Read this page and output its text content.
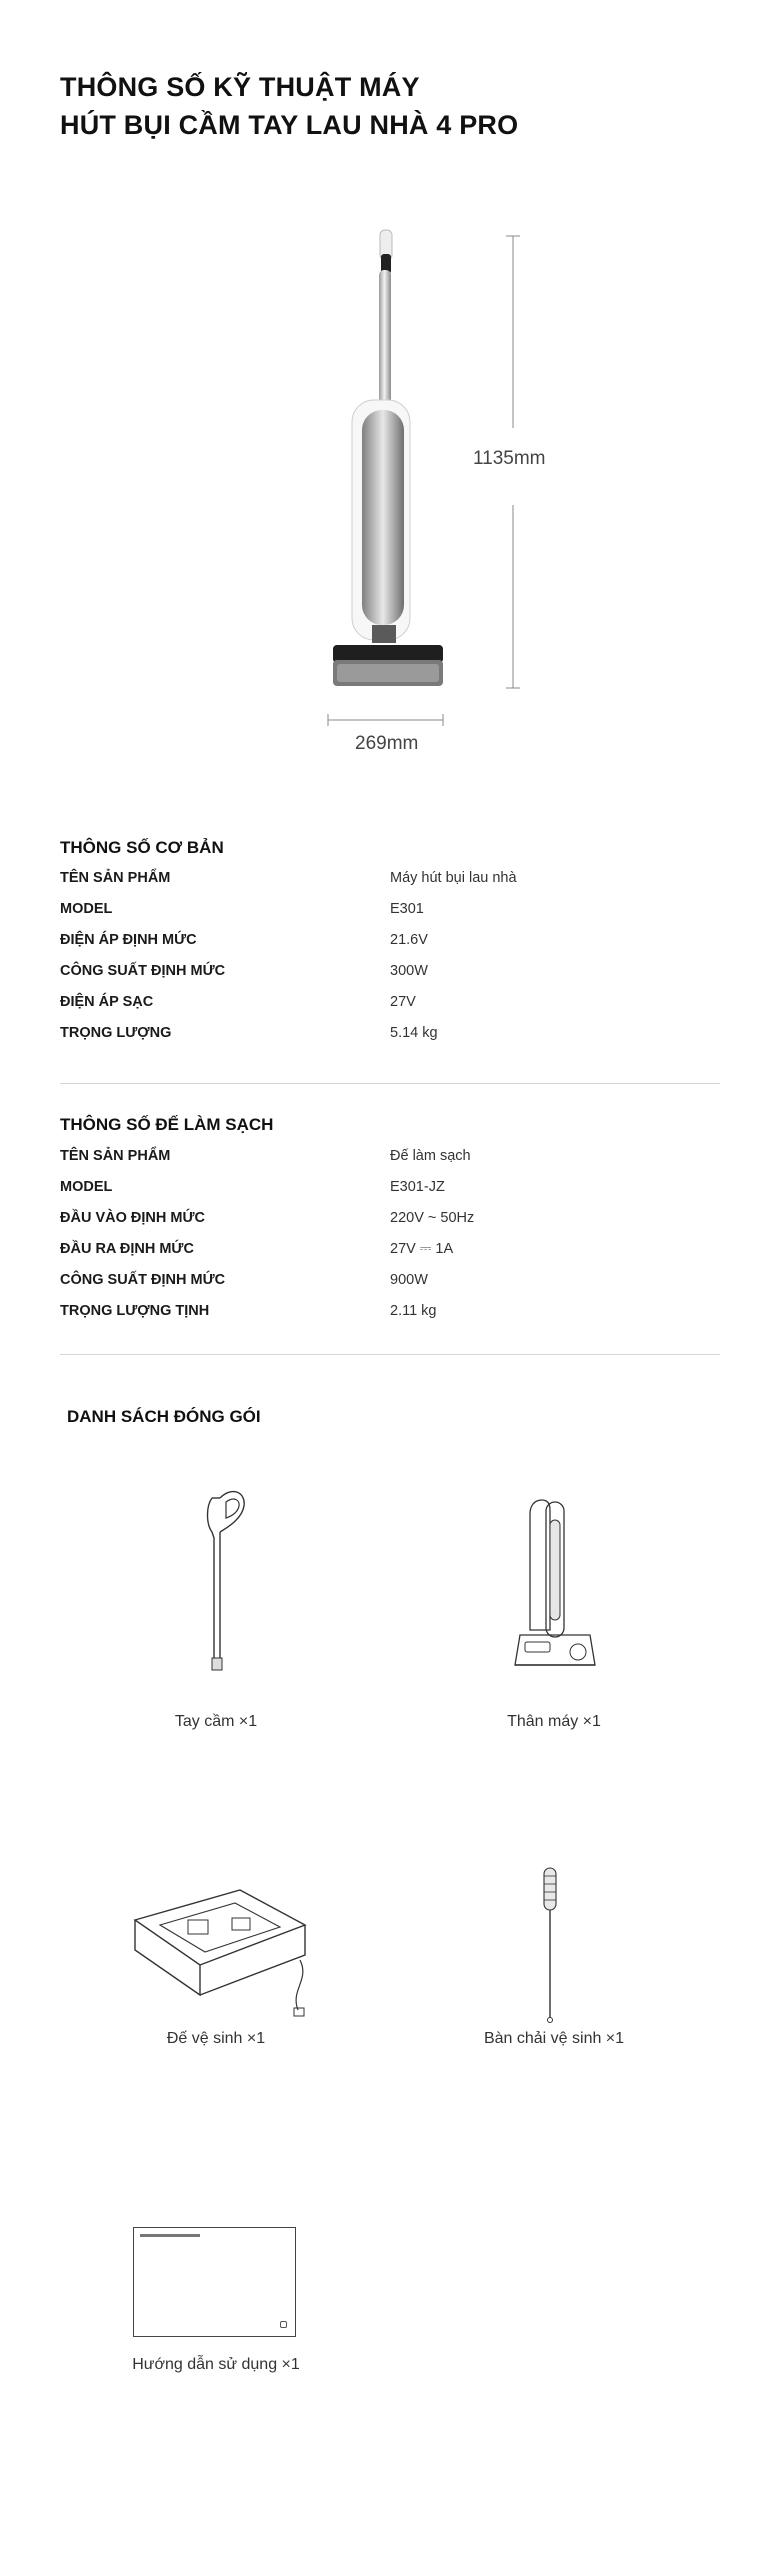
THÔNG SỐ KỸ THUẬT MÁY
HÚT BỤI CẦM TAY LAU NHÀ 4 PRO
1135mm
269mm
THÔNG SỐ CƠ BẢN
TÊN SẢN PHẨM	Máy hút bụi lau nhà
MODEL	E301
ĐIỆN ÁP ĐỊNH MỨC	21.6V
CÔNG SUẤT ĐỊNH MỨC	300W
ĐIỆN ÁP SẠC	27V
TRỌNG LƯỢNG	5.14 kg
THÔNG SỐ ĐẾ LÀM SẠCH
TÊN SẢN PHẨM	Đế làm sạch
MODEL	E301-JZ
ĐẦU VÀO ĐỊNH MỨC	220V ~ 50Hz
ĐẦU RA ĐỊNH MỨC	27V ⎓ 1A
CÔNG SUẤT ĐỊNH MỨC	900W
TRỌNG LƯỢNG TỊNH	2.11 kg
DANH SÁCH ĐÓNG GÓI
Tay cầm ×1	Thân máy ×1
Đế vệ sinh ×1	Bàn chải vệ sinh ×1
Hướng dẫn sử dụng ×1
